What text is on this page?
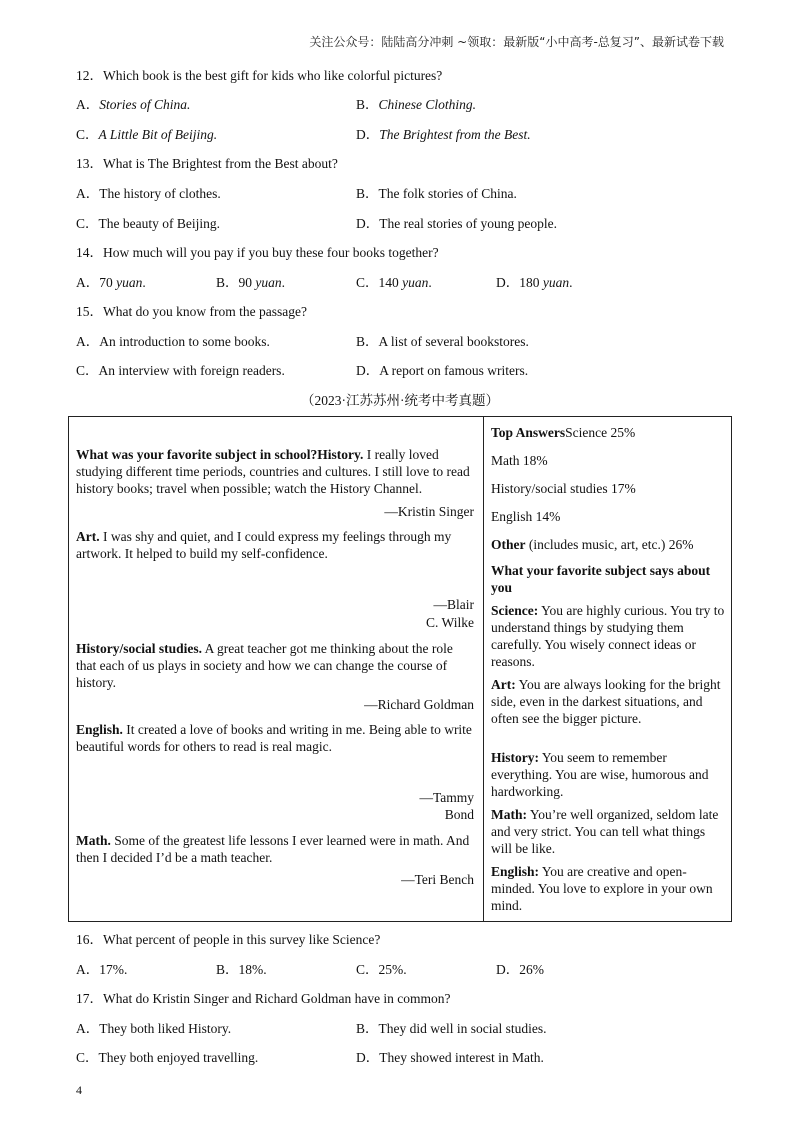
关注公众号：陆陆高分冲刺 ~领取：最新版“小中高考-总复习”、最新试卷下载
12．Which book is the best gift for kids who like colorful pictures?
A．Stories of China.	B．Chinese Clothing.
C．A Little Bit of Beijing.	D．The Brightest from the Best.
13．What is The Brightest from the Best about?
A．The history of clothes.	B．The folk stories of China.
C．The beauty of Beijing.	D．The real stories of young people.
14．How much will you pay if you buy these four books together?
A．70 yuan.	B．90 yuan.	C．140 yuan.	D．180 yuan.
15．What do you know from the passage?
A．An introduction to some books.	B．A list of several bookstores.
C．An interview with foreign readers.	D．A report on famous writers.
（2023·江苏苏州·统考中考真题）
What was your favorite subject in school?History. I really loved studying different time periods, countries and cultures. I still love to read history books; travel when possible; watch the History Channel.
—Kristin Singer
Art. I was shy and quiet, and I could express my feelings through my artwork. It helped to build my self-confidence.
—Blair
C. Wilke
History/social studies. A great teacher got me thinking about the role that each of us plays in society and how we can change the course of history.
—Richard Goldman
English. It created a love of books and writing in me. Being able to write beautiful words for others to read is real magic.
—Tammy
Bond
Math. Some of the greatest life lessons I ever learned were in math. And then I decided I’d be a math teacher.
—Teri Bench
Top AnswersScience 25%
Math 18%
History/social studies 17%
English 14%
Other (includes music, art, etc.) 26%
What your favorite subject says about you
Science: You are highly curious. You try to understand things by studying them carefully. You wisely connect ideas or reasons.
Art: You are always looking for the bright side, even in the darkest situations, and often see the bigger picture.
History: You seem to remember everything. You are wise, humorous and hardworking.
Math: You’re well organized, seldom late and very strict. You can tell what things will be like.
English: You are creative and open-minded. You love to explore in your own mind.
16．What percent of people in this survey like Science?
A．17%.	B．18%.	C．25%.	D．26%
17．What do Kristin Singer and Richard Goldman have in common?
A．They both liked History.	B．They did well in social studies.
C．They both enjoyed travelling.	D．They showed interest in Math.
4
